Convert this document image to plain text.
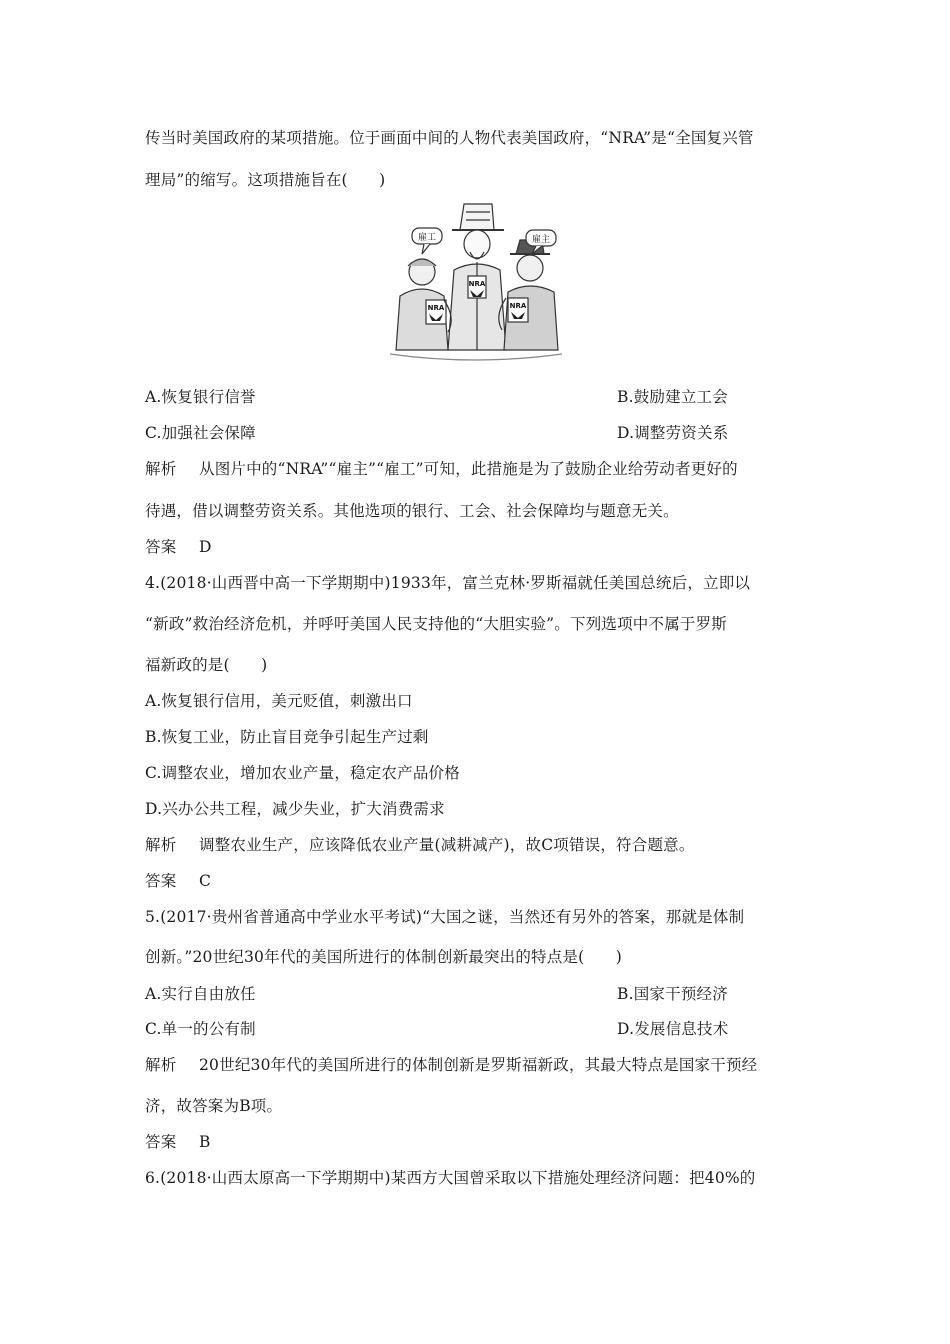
传当时美国政府的某项措施。位于画面中间的人物代表美国政府，“NRA”是“全国复兴管
理局”的缩写。这项措施旨在(　　)
雇工	雇主
NRA
NRA	NRA
A.恢复银行信誉	B.鼓励建立工会
C.加强社会保障	D.调整劳资关系
解析 从图片中的“NRA”“雇主”“雇工”可知，此措施是为了鼓励企业给劳动者更好的
待遇，借以调整劳资关系。其他选项的银行、工会、社会保障均与题意无关。
答案 D
4.(2018·山西晋中高一下学期期中)1933年，富兰克林·罗斯福就任美国总统后，立即以
“新政”救治经济危机，并呼吁美国人民支持他的“大胆实验”。下列选项中不属于罗斯
福新政的是(　　)
A.恢复银行信用，美元贬值，刺激出口
B.恢复工业，防止盲目竞争引起生产过剩
C.调整农业，增加农业产量，稳定农产品价格
D.兴办公共工程，减少失业，扩大消费需求
解析 调整农业生产，应该降低农业产量(减耕减产)，故C项错误，符合题意。
答案 C
5.(2017·贵州省普通高中学业水平考试)“大国之谜，当然还有另外的答案，那就是体制
创新。”20世纪30年代的美国所进行的体制创新最突出的特点是(　　)
A.实行自由放任	B.国家干预经济
C.单一的公有制	D.发展信息技术
解析 20世纪30年代的美国所进行的体制创新是罗斯福新政，其最大特点是国家干预经
济，故答案为B项。
答案 B
6.(2018·山西太原高一下学期期中)某西方大国曾采取以下措施处理经济问题：把40%的
